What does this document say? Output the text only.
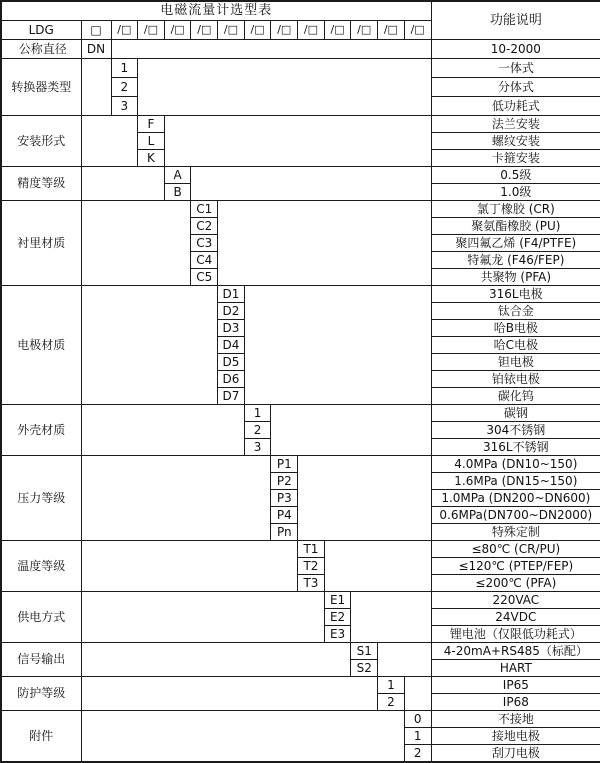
电磁流量计选型表														功能说明
LDG	□	/□	/□	/□	/□	/□	/□	/□	/□	/□	/□	/□	/□	
公称直径	DN													10-2000
转换器类型		1												一体式
		2												分体式
		3												低功耗式
安装形式			F											法兰安装
			L											螺纹安装
			K											卡箍安装
精度等级				A										0.5级
				B										1.0级
衬里材质					C1									氯丁橡胶 (CR)
					C2									聚氨酯橡胶 (PU)
					C3									聚四氟乙烯 (F4/PTFE)
					C4									特氟龙 (F46/FEP)
					C5									共聚物 (PFA)
电极材质						D1								316L电极
						D2								钛合金
						D3								哈B电极
						D4								哈C电极
						D5								钽电极
						D6								铂铱电极
						D7								碳化钨
外壳材质							1							碳钢
							2							304不锈钢
							3							316L不锈钢
压力等级								P1						4.0MPa (DN10~150)
								P2						1.6MPa (DN15~150)
								P3						1.0MPa (DN200~DN600)
								P4						0.6MPa(DN700~DN2000)
								Pn						特殊定制
温度等级									T1					≤80℃ (CR/PU)
									T2					≤120℃ (PTEP/FEP)
									T3					≤200℃ (PFA)
供电方式										E1				220VAC
										E2				24VDC
										E3				锂电池（仅限低功耗式）
信号输出											S1			4-20mA+RS485（标配）
											S2			HART
防护等级												1		IP65
												2		IP68
附件													0	不接地
													1	接地电极
													2	刮刀电极
